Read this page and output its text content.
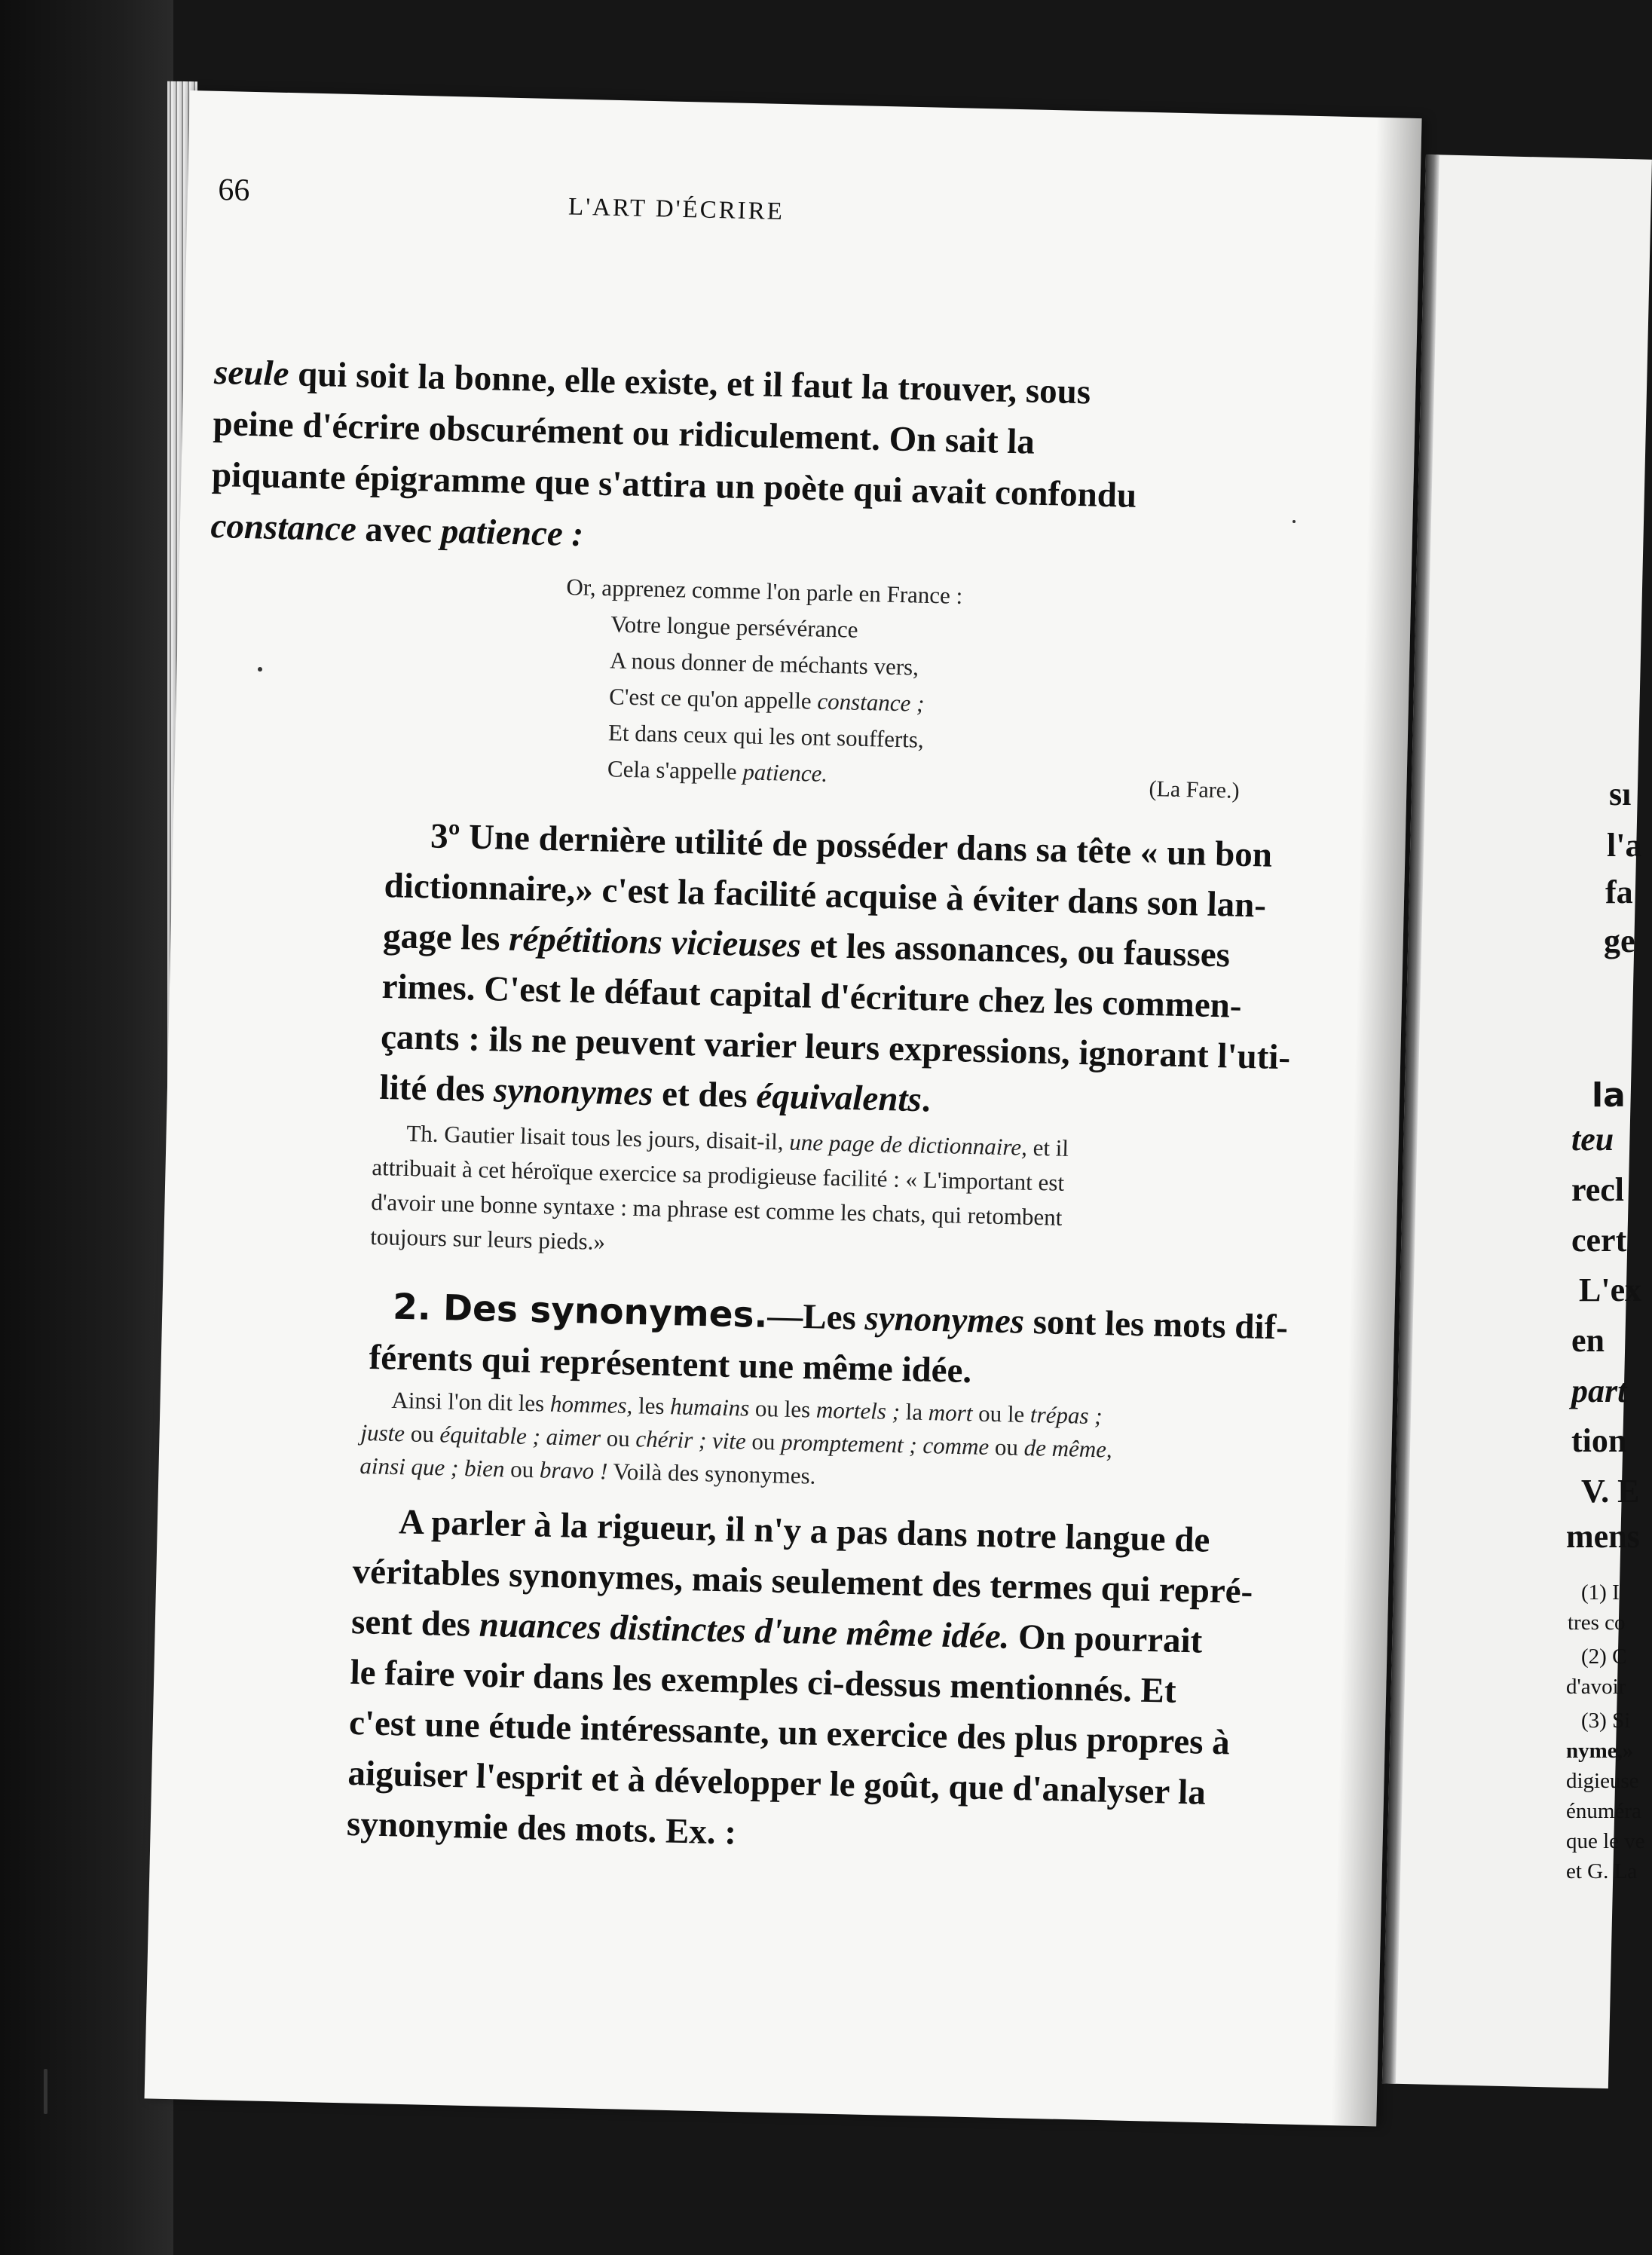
66
L'ART D'ÉCRIRE

seule qui soit la bonne, elle existe, et il faut la trouver, sous

peine d'écrire obscurément ou ridiculement. On sait la

piquante épigramme que s'attira un poète qui avait confondu

constance avec patience :

Or, apprenez comme l'on parle en France :
Votre longue persévérance
A nous donner de méchants vers,
C'est ce qu'on appelle constance ;
Et dans ceux qui les ont soufferts,
Cela s'appelle patience.
(La Fare.)

3º Une dernière utilité de posséder dans sa tête « un bon

dictionnaire,» c'est la facilité acquise à éviter dans son lan-

gage les répétitions vicieuses et les assonances, ou fausses

rimes. C'est le défaut capital d'écriture chez les commen-

çants : ils ne peuvent varier leurs expressions, ignorant l'uti-

lité des synonymes et des équivalents.

Th. Gautier lisait tous les jours, disait-il, une page de dictionnaire, et il

attribuait à cet héroïque exercice sa prodigieuse facilité : « L'important est

d'avoir une bonne syntaxe : ma phrase est comme les chats, qui retombent

toujours sur leurs pieds.»

2. Des synonymes.—Les synonymes sont les mots dif-

férents qui représentent une même idée.

Ainsi l'on dit les hommes, les humains ou les mortels ; la mort ou le trépas ;

juste ou équitable ; aimer ou chérir ; vite ou promptement ; comme ou de même,

ainsi que ; bien ou bravo ! Voilà des synonymes.

A parler à la rigueur, il n'y a pas dans notre langue de

véritables synonymes, mais seulement des termes qui repré-

sent des nuances distinctes d'une même idée. On pourrait

le faire voir dans les exemples ci-dessus mentionnés. Et

c'est une étude intéressante, un exercice des plus propres à

aiguiser l'esprit et à développer le goût, que d'analyser la

synonymie des mots. Ex. :

sı
l'a
fa
ge
la
teu
recl
cert
L'ex
en
part
tion
V. E
mens
(1) I
tres co
(2) C
d'avoir
(3) Si
nyme,»
digieuse
énuméra
que le ve
et G. La
